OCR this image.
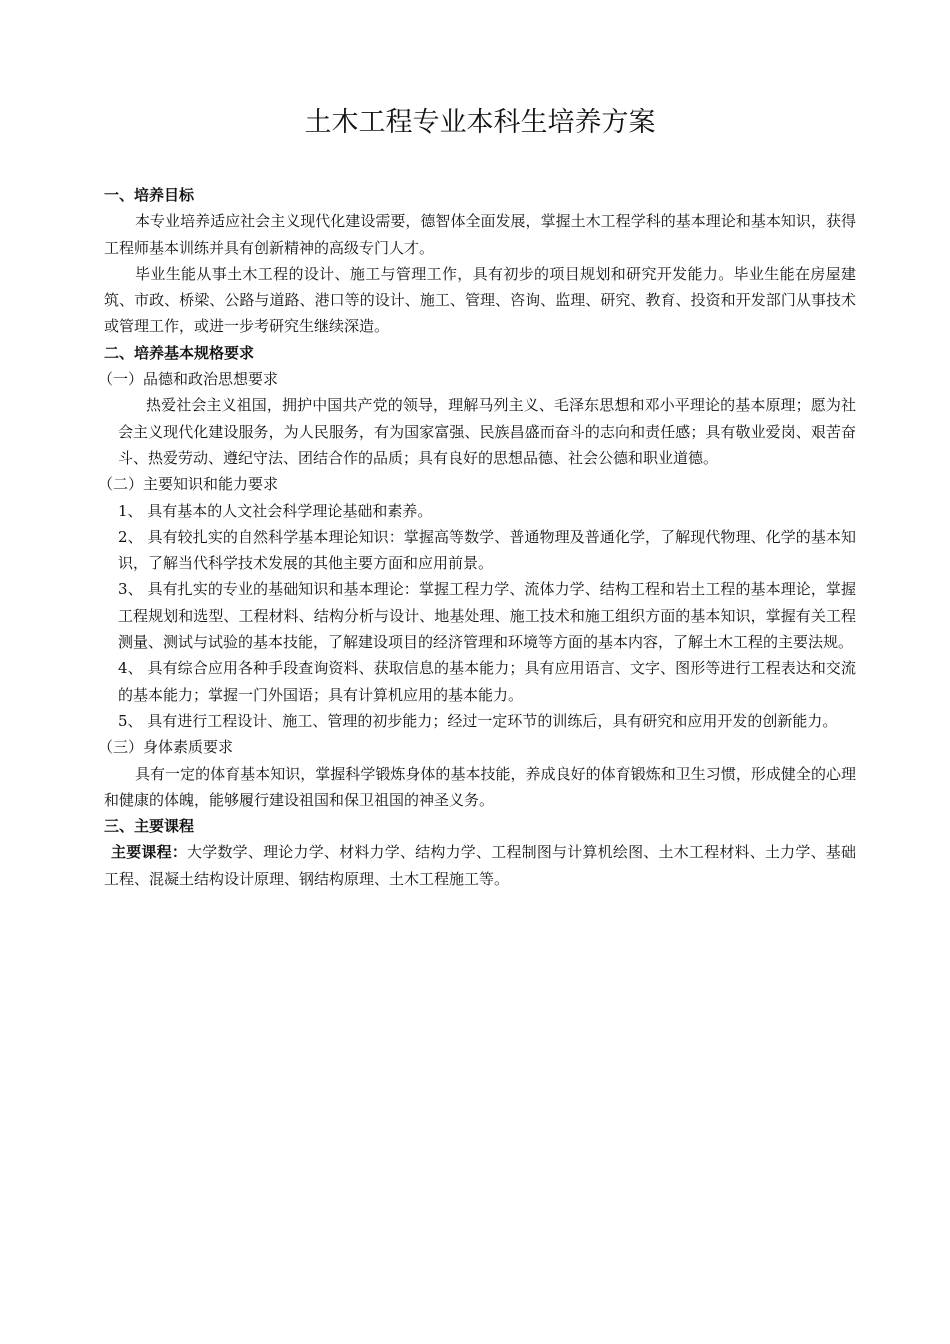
土木工程专业本科生培养方案

一、培养目标

本专业培养适应社会主义现代化建设需要，德智体全面发展，掌握土木工程学科的基本理论和基本知识，获得工程师基本训练并具有创新精神的高级专门人才。

毕业生能从事土木工程的设计、施工与管理工作，具有初步的项目规划和研究开发能力。毕业生能在房屋建筑、市政、桥梁、公路与道路、港口等的设计、施工、管理、咨询、监理、研究、教育、投资和开发部门从事技术或管理工作，或进一步考研究生继续深造。

二、培养基本规格要求

（一）品德和政治思想要求

热爱社会主义祖国，拥护中国共产党的领导，理解马列主义、毛泽东思想和邓小平理论的基本原理；愿为社会主义现代化建设服务，为人民服务，有为国家富强、民族昌盛而奋斗的志向和责任感；具有敬业爱岗、艰苦奋斗、热爱劳动、遵纪守法、团结合作的品质；具有良好的思想品德、社会公德和职业道德。

（二）主要知识和能力要求

1、 具有基本的人文社会科学理论基础和素养。

2、 具有较扎实的自然科学基本理论知识：掌握高等数学、普通物理及普通化学，了解现代物理、化学的基本知识，了解当代科学技术发展的其他主要方面和应用前景。

3、 具有扎实的专业的基础知识和基本理论：掌握工程力学、流体力学、结构工程和岩土工程的基本理论，掌握工程规划和选型、工程材料、结构分析与设计、地基处理、施工技术和施工组织方面的基本知识，掌握有关工程测量、测试与试验的基本技能，了解建设项目的经济管理和环境等方面的基本内容，了解土木工程的主要法规。

4、 具有综合应用各种手段查询资料、获取信息的基本能力；具有应用语言、文字、图形等进行工程表达和交流的基本能力；掌握一门外国语；具有计算机应用的基本能力。

5、 具有进行工程设计、施工、管理的初步能力；经过一定环节的训练后，具有研究和应用开发的创新能力。

（三）身体素质要求

具有一定的体育基本知识，掌握科学锻炼身体的基本技能，养成良好的体育锻炼和卫生习惯，形成健全的心理和健康的体魄，能够履行建设祖国和保卫祖国的神圣义务。

三、主要课程

主要课程：大学数学、理论力学、材料力学、结构力学、工程制图与计算机绘图、土木工程材料、土力学、基础工程、混凝土结构设计原理、钢结构原理、土木工程施工等。
